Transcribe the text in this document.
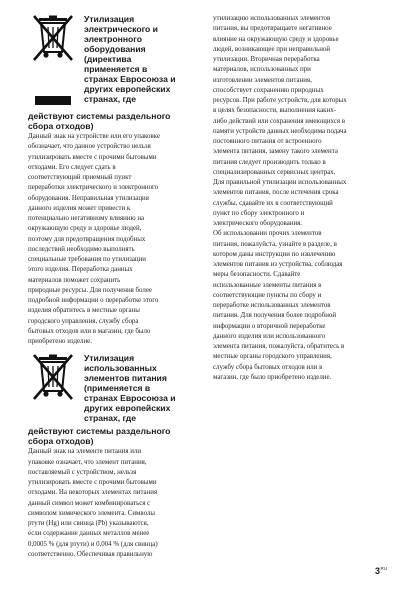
Утилизация
электрического и
электронного
оборудования
(директива
применяется в
странах Евросоюза и
других европейских
странах, где
действуют системы раздельного
сбора отходов)

Данный знак на устройстве или его упаковке
обозначает, что данное устройство нельзя
утилизировать вместе с прочими бытовыми
отходами. Его следует сдать в
соответствующий приемный пункт
переработки электрического и электронного
оборудования. Неправильная утилизация
данного изделия может привести к
потенциально негативному влиянию на
окружающую среду и здоровье людей,
поэтому для предотвращения подобных
последствий необходимо выполнять
специальные требования по утилизации
этого изделия. Переработка данных
материалов поможет сохранить
природные ресурсы. Для получения более
подробной информации о переработке этого
изделия обратитесь в местные органы
городского управления, службу сбора
бытовых отходов или в магазин, где было
приобретено изделие.

Утилизация
использованных
элементов питания
(применяется в
странах Евросоюза и
других европейских
странах, где
действуют системы раздельного
сбора отходов)

Данный знак на элементе питания или
упаковке означает, что элемент питания,
поставляемый с устройством, нельзя
утилизировать вместе с прочими бытовыми
отходами. На некоторых элементах питания
данный символ может комбинироваться с
символом химического элемента. Символы
ртути (Hg) или свинца (Pb) указываются,
если содержание данных металлов менее
0,0005 % (для ртути) и 0,004 % (для свинца)
соответственно. Обеспечивая правильную

утилизацию использованных элементов
питания, вы предотвращаете негативное
влияние на окружающую среду и здоровье
людей, возникающее при неправильной
утилизации. Вторичная переработка
материалов, использованных при
изготовлении элементов питания,
способствует сохранению природных
ресурсов. При работе устройств, для которых
в целях безопасности, выполнения каких-
либо действий или сохранения имеющихся в
памяти устройств данных необходима подача
постоянного питания от встроенного
элемента питания, замену такого элемента
питания следует производить только в
специализированных сервисных центрах.
Для правильной утилизации использованных
элементов питания, после истечения срока
службы, сдавайте их в соответствующий
пункт по сбору электронного и
электрического оборудования.
Об использовании прочих элементов
питания, пожалуйста, узнайте в разделе, в
котором даны инструкции по извлечению
элементов питания из устройства, соблюдая
меры безопасности. Сдавайте
использованные элементы питания в
соответствующие пункты по сбору и
переработке использованных элементов
питания. Для получения более подробной
информации о вторичной переработке
данного изделия или использованного
элемента питания, пожалуйста, обратитесь в
местные органы городского управления,
службу сбора бытовых отходов или в
магазин, где было приобретено изделие.

$3^{RU}$
